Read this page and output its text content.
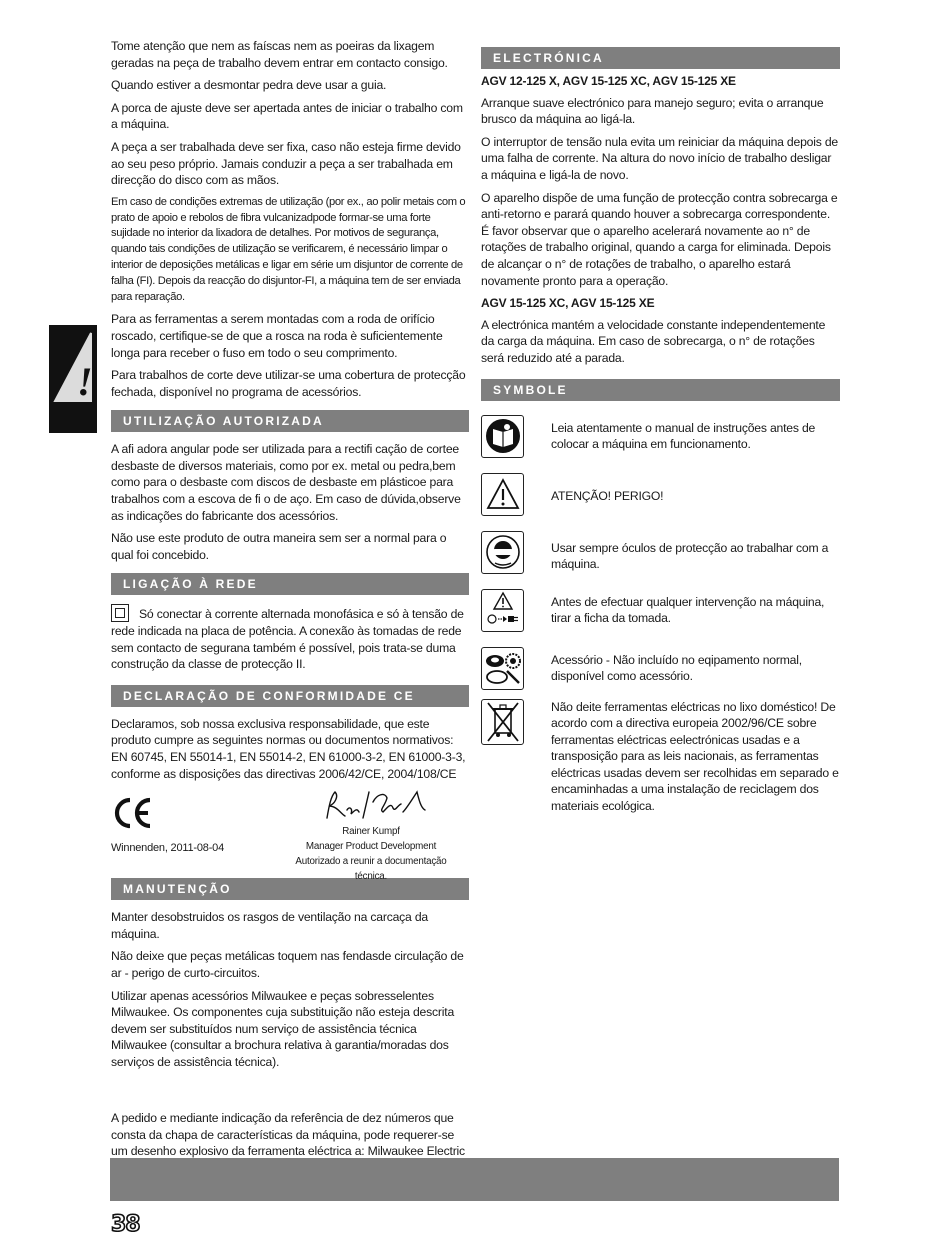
!

Tome atenção que nem as faíscas nem as poeiras da lixagem geradas na peça de trabalho devem entrar em contacto consigo.

Quando estiver a desmontar pedra deve usar a guia.

A porca de ajuste deve ser apertada antes de iniciar o trabalho com a máquina.

A peça a ser trabalhada deve ser fixa, caso não esteja firme devido ao seu peso próprio. Jamais conduzir a peça a ser trabalhada em direcção do disco com as mãos.

Em caso de condições extremas de utilização (por ex., ao polir metais com o prato de apoio e rebolos de fibra vulcanizadpode formar-se uma forte sujidade no interior da lixadora de detalhes. Por motivos de segurança, quando tais condições de utilização se verificarem, é necessário limpar o interior de deposições metálicas e ligar em série um disjuntor de corrente de falha (FI). Depois da reacção do disjuntor-FI, a máquina tem de ser enviada para reparação.

Para as ferramentas a serem montadas com a roda de orifício roscado, certifique-se de que a rosca na roda è suficientemente longa para receber o fuso em todo o seu comprimento.

Para trabalhos de corte deve utilizar-se uma cobertura de protecção fechada, disponível no programa de acessórios.

UTILIZAÇÃO AUTORIZADA

A afi adora angular pode ser utilizada para a rectifi cação de cortee desbaste de diversos materiais, como por ex. metal ou pedra,bem como para o desbaste com discos de desbaste em plásticoe para trabalhos com a escova de fi o de aço. Em caso de dúvida,observe as indicações do fabricante dos acessórios.

Não use este produto de outra maneira sem ser a normal para o qual foi concebido.

LIGAÇÃO À REDE

Só conectar à corrente alternada monofásica e só à tensão de rede indicada na placa de potência. A conexão às tomadas de rede sem contacto de segurana também é possível, pois trata-se duma construção da classe de protecção II.

DECLARAÇÃO DE CONFORMIDADE CE

Declaramos, sob nossa exclusiva responsabilidade, que este produto cumpre as seguintes normas ou documentos normativos: EN 60745, EN 55014-1, EN 55014-2, EN 61000-3-2, EN 61000-3-3, conforme as disposições das directivas 2006/42/CE, 2004/108/CE

Winnenden, 2011-08-04
Rainer Kumpf
Manager Product Development
Autorizado a reunir a documentação técnica.
MANUTENÇÃO

Manter desobstruidos os rasgos de ventilação na carcaça da máquina.

Não deixe que peças metálicas toquem nas fendasde circulação de ar - perigo de curto-circuitos.

Utilizar apenas acessórios Milwaukee e peças sobresselentes Milwaukee. Os componentes cuja substituição não esteja descrita devem ser substituídos num serviço de assistência técnica Milwaukee (consultar a brochura relativa à garantia/moradas dos serviços de assistência técnica).

A pedido e mediante indicação da referência de dez números que consta da chapa de características da máquina, pode requerer-se um desenho explosivo da ferramenta eléctrica a: Milwaukee Electric

ELECTRÓNICA
AGV 12-125 X, AGV 15-125 XC, AGV 15-125 XE

Arranque suave electrónico para manejo seguro; evita o arranque brusco da máquina ao ligá-la.

O interruptor de tensão nula evita um reiniciar da máquina depois de uma falha de corrente. Na altura do novo início de trabalho desligar a máquina e ligá-la de novo.

O aparelho dispõe de uma função de protecção contra sobrecarga e anti-retorno e parará quando houver a sobrecarga correspondente. É favor observar que o aparelho acelerará novamente ao n° de rotações de trabalho original, quando a carga for eliminada. Depois de alcançar o n° de rotações de trabalho, o aparelho estará novamente pronto para a operação.

AGV 15-125 XC, AGV 15-125 XE

A electrónica mantém a velocidade constante independentemente da carga da máquina. Em caso de sobrecarga, o n° de rotações será reduzido até a parada.

SYMBOLE
Leia atentamente o manual de instruções antes de colocar a máquina em funcionamento.
ATENÇÃO! PERIGO!
Usar sempre óculos de protecção ao trabalhar com a máquina.
Antes de efectuar qualquer intervenção na máquina, tirar a ficha da tomada.
Acessório - Não incluído no eqipamento normal, disponível como acessório.
Não deite ferramentas eléctricas no lixo doméstico! De acordo com a directiva europeia 2002/96/CE sobre ferramentas eléctricas eelectrónicas usadas e a transposição para as leis nacionais, as ferramentas eléctricas usadas devem ser recolhidas em separado e encaminhadas a uma instalação de reciclagem dos materiais ecológica.
38
